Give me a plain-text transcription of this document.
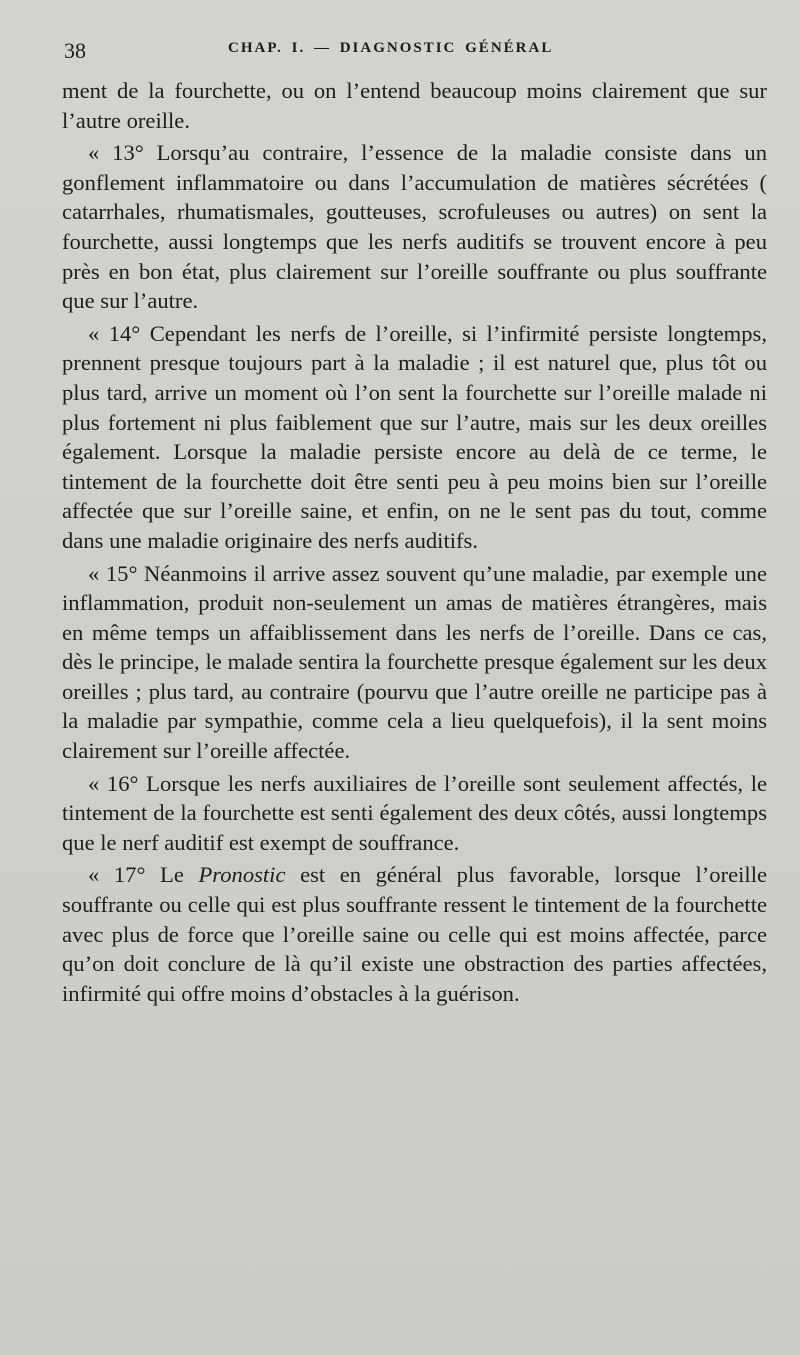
38	CHAP. I. — DIAGNOSTIC GÉNÉRAL

ment de la fourchette, ou on l’entend beaucoup moins clairement que sur l’autre oreille.

« 13° Lorsqu’au contraire, l’essence de la maladie consiste dans un gonflement inflammatoire ou dans l’accumulation de matières sécrétées ( catarrhales, rhumatismales, goutteuses, scrofuleuses ou autres) on sent la fourchette, aussi longtemps que les nerfs auditifs se trouvent encore à peu près en bon état, plus clairement sur l’oreille souffrante ou plus souffrante que sur l’autre.

« 14° Cependant les nerfs de l’oreille, si l’infirmité persiste longtemps, prennent presque toujours part à la maladie ; il est naturel que, plus tôt ou plus tard, arrive un moment où l’on sent la fourchette sur l’oreille malade ni plus fortement ni plus faiblement que sur l’autre, mais sur les deux oreilles également. Lorsque la maladie persiste encore au delà de ce terme, le tintement de la fourchette doit être senti peu à peu moins bien sur l’oreille affectée que sur l’oreille saine, et enfin, on ne le sent pas du tout, comme dans une maladie originaire des nerfs auditifs.

« 15° Néanmoins il arrive assez souvent qu’une maladie, par exemple une inflammation, produit non-seulement un amas de matières étrangères, mais en même temps un affaiblissement dans les nerfs de l’oreille. Dans ce cas, dès le principe, le malade sentira la fourchette presque également sur les deux oreilles ; plus tard, au contraire (pourvu que l’autre oreille ne participe pas à la maladie par sympathie, comme cela a lieu quelquefois), il la sent moins clairement sur l’oreille affectée.

« 16° Lorsque les nerfs auxiliaires de l’oreille sont seulement affectés, le tintement de la fourchette est senti également des deux côtés, aussi longtemps que le nerf auditif est exempt de souffrance.

« 17° Le Pronostic est en général plus favorable, lorsque l’oreille souffrante ou celle qui est plus souffrante ressent le tintement de la fourchette avec plus de force que l’oreille saine ou celle qui est moins affectée, parce qu’on doit conclure de là qu’il existe une obstraction des parties affectées, infirmité qui offre moins d’obstacles à la guérison.
